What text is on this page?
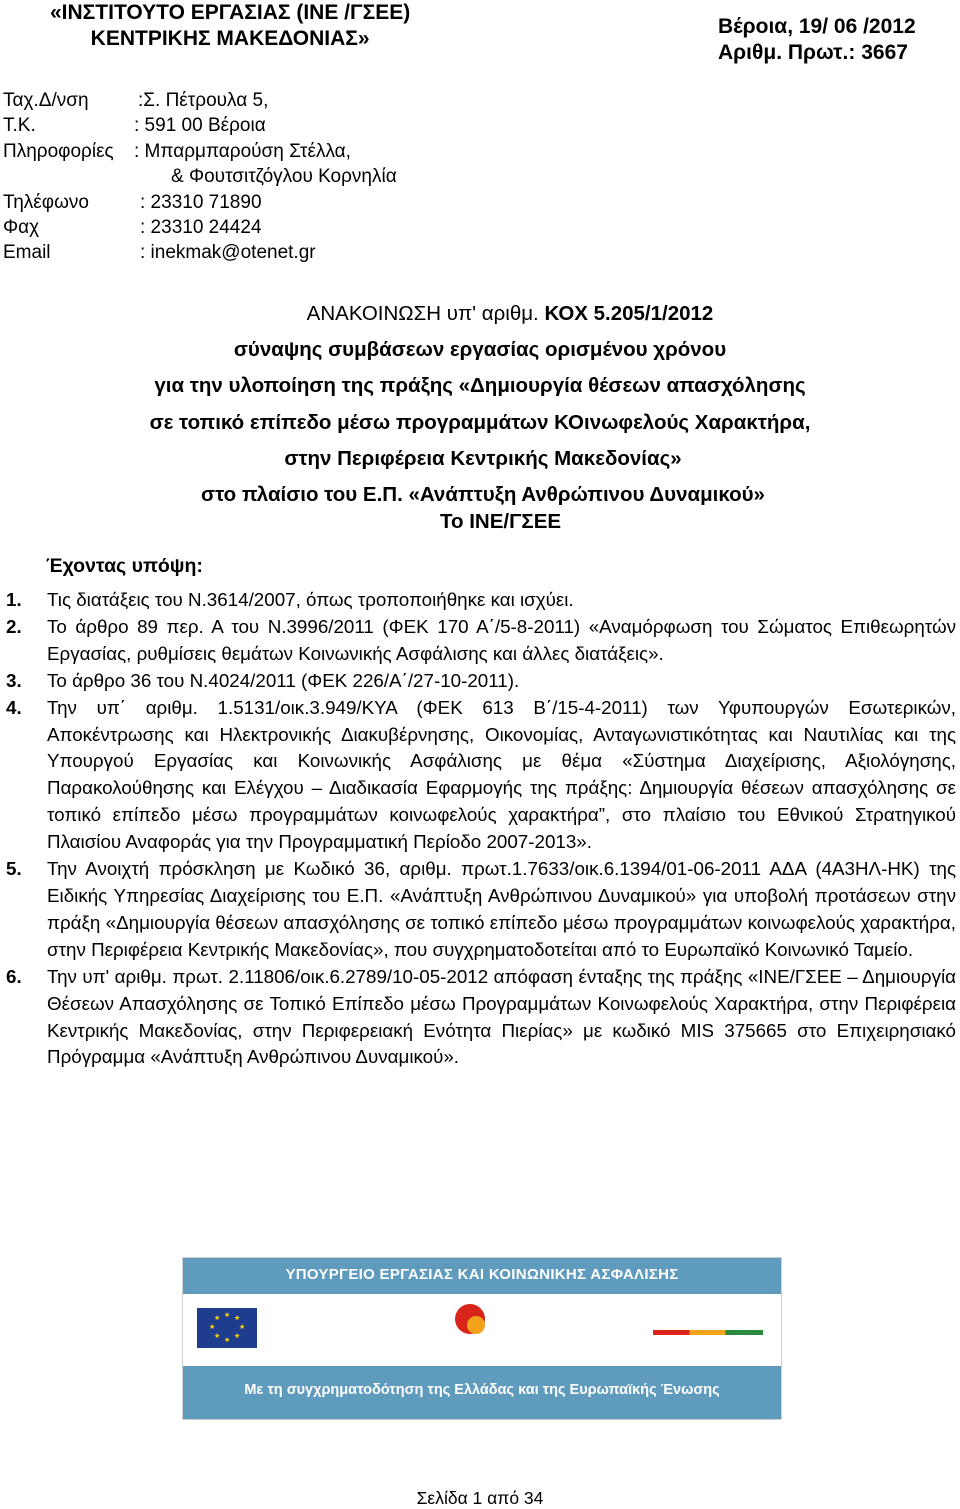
«ΙΝΣΤΙΤΟΥΤΟ ΕΡΓΑΣΙΑΣ (ΙΝΕ /ΓΣΕΕ)
ΚΕΝΤΡΙΚΗΣ ΜΑΚΕΔΟΝΙΑΣ»
Βέροια, 19/ 06 /2012
Αριθμ. Πρωτ.: 3667
Ταχ.Δ/νση	:Σ. Πέτρουλα 5,
Τ.Κ.	: 591 00 Βέροια
Πληροφορίες : Μπαρμπαρούση Στέλλα,
& Φουτσιτζόγλου Κορνηλία
Τηλέφωνο	: 23310 71890
Φαχ	: 23310 24424
Email	: inekmak@otenet.gr
ΑΝΑΚΟΙΝΩΣΗ υπ' αριθμ. ΚΟΧ 5.205/1/2012
σύναψης συμβάσεων εργασίας ορισμένου χρόνου
για την υλοποίηση της πράξης «Δημιουργία θέσεων απασχόλησης
σε τοπικό επίπεδο μέσω προγραμμάτων ΚΟινωφελούς Χαρακτήρα,
στην Περιφέρεια Κεντρικής Μακεδονίας»
στο πλαίσιο του Ε.Π. «Ανάπτυξη Ανθρώπινου Δυναμικού»
Το ΙΝΕ/ΓΣΕΕ
Έχοντας υπόψη:
1. Τις διατάξεις του Ν.3614/2007, όπως τροποποιήθηκε και ισχύει.
2. Το άρθρο 89 περ. Α του Ν.3996/2011 (ΦΕΚ 170 Α΄/5-8-2011) «Αναμόρφωση του Σώματος Επιθεωρητών Εργασίας, ρυθμίσεις θεμάτων Κοινωνικής Ασφάλισης και άλλες διατάξεις».
3. Το άρθρο 36 του Ν.4024/2011 (ΦΕΚ 226/Α΄/27-10-2011).
4. Την υπ΄ αριθμ. 1.5131/οικ.3.949/ΚΥΑ (ΦΕΚ 613 Β΄/15-4-2011) των Υφυπουργών Εσωτερικών, Αποκέντρωσης και Ηλεκτρονικής Διακυβέρνησης, Οικονομίας, Ανταγωνιστικότητας και Ναυτιλίας και της Υπουργού Εργασίας και Κοινωνικής Ασφάλισης με θέμα «Σύστημα Διαχείρισης, Αξιολόγησης, Παρακολούθησης και Ελέγχου – Διαδικασία Εφαρμογής της πράξης: Δημιουργία θέσεων απασχόλησης σε τοπικό επίπεδο μέσω προγραμμάτων κοινωφελούς χαρακτήρα”, στο πλαίσιο του Εθνικού Στρατηγικού Πλαισίου Αναφοράς για την Προγραμματική Περίοδο 2007-2013».
5. Την Ανοιχτή πρόσκληση με Κωδικό 36, αριθμ. πρωτ.1.7633/οικ.6.1394/01-06-2011 ΑΔΑ (4Α3ΗΛ-ΗΚ) της Ειδικής Υπηρεσίας Διαχείρισης του Ε.Π. «Ανάπτυξη Ανθρώπινου Δυναμικού» για υποβολή προτάσεων στην πράξη «Δημιουργία θέσεων απασχόλησης σε τοπικό επίπεδο μέσω προγραμμάτων κοινωφελούς χαρακτήρα, στην Περιφέρεια Κεντρικής Μακεδονίας», που συγχρηματοδοτείται από το Ευρωπαϊκό Κοινωνικό Ταμείο.
6. Την υπ' αριθμ. πρωτ. 2.11806/οικ.6.2789/10-05-2012 απόφαση ένταξης της πράξης «ΙΝΕ/ΓΣΕΕ – Δημιουργία Θέσεων Απασχόλησης σε Τοπικό Επίπεδο μέσω Προγραμμάτων Κοινωφελούς Χαρακτήρα, στην Περιφέρεια Κεντρικής Μακεδονίας, στην Περιφερειακή Ενότητα Πιερίας» με κωδικό MIS 375665 στο Επιχειρησιακό Πρόγραμμα «Ανάπτυξη Ανθρώπινου Δυναμικού».
ΥΠΟΥΡΓΕΙΟ ΕΡΓΑΣΙΑΣ ΚΑΙ ΚΟΙΝΩΝΙΚΗΣ ΑΣΦΑΛΙΣΗΣ
★ ★
★
★
★
★
★
★
Με τη συγχρηματοδότηση της Ελλάδας και της Ευρωπαϊκής Ένωσης
Σελίδα 1 από 34
